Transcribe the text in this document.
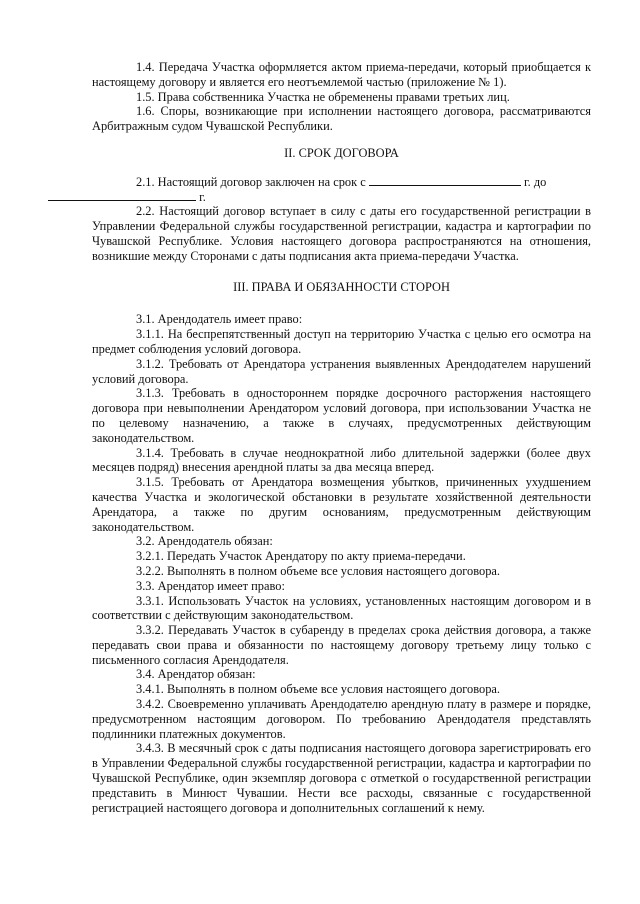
1.4. Передача Участка оформляется актом приема-передачи, который приобщается к настоящему договору и является его неотъемлемой частью (приложение № 1).

1.5. Права собственника Участка не обременены правами третьих лиц.

1.6. Споры, возникающие при исполнении настоящего договора, рассматриваются Арбитражным судом Чувашской Республики.

II. СРОК ДОГОВОРА

2.1. Настоящий договор заключен на срок с	г. до
г.

2.2. Настоящий договор вступает в силу с даты его государственной регистрации в Управлении Федеральной службы государственной регистрации, кадастра и картографии по Чувашской Республике. Условия настоящего договора распространяются на отношения, возникшие между Сторонами с даты подписания акта приема-передачи Участка.

III. ПРАВА И ОБЯЗАННОСТИ СТОРОН

3.1. Арендодатель имеет право:

3.1.1. На беспрепятственный доступ на территорию Участка с целью его осмотра на предмет соблюдения условий договора.

3.1.2. Требовать от Арендатора устранения выявленных Арендодателем нарушений условий договора.

3.1.3. Требовать в одностороннем порядке досрочного расторжения настоящего договора при невыполнении Арендатором условий договора, при использовании Участка не по целевому назначению, а также в случаях, предусмотренных действующим законодательством.

3.1.4. Требовать в случае неоднократной либо длительной задержки (более двух месяцев подряд) внесения арендной платы за два месяца вперед.

3.1.5. Требовать от Арендатора возмещения убытков, причиненных ухудшением качества Участка и экологической обстановки в результате хозяйственной деятельности Арендатора, а также по другим основаниям, предусмотренным действующим законодательством.

3.2. Арендодатель обязан:

3.2.1. Передать Участок Арендатору по акту приема-передачи.

3.2.2. Выполнять в полном объеме все условия настоящего договора.

3.3. Арендатор имеет право:

3.3.1. Использовать Участок на условиях, установленных настоящим договором и в соответствии с действующим законодательством.

3.3.2. Передавать Участок в субаренду в пределах срока действия договора, а также передавать свои права и обязанности по настоящему договору третьему лицу только с письменного согласия Арендодателя.

3.4. Арендатор обязан:

3.4.1. Выполнять в полном объеме все условия настоящего договора.

3.4.2. Своевременно уплачивать Арендодателю арендную плату в размере и порядке, предусмотренном настоящим договором. По требованию Арендодателя представлять подлинники платежных документов.

3.4.3. В месячный срок с даты подписания настоящего договора зарегистрировать его в Управлении Федеральной службы государственной регистрации, кадастра и картографии по Чувашской Республике, один экземпляр договора с отметкой о государственной регистрации представить в Минюст Чувашии. Нести все расходы, связанные с государственной регистрацией настоящего договора и дополнительных соглашений к нему.
